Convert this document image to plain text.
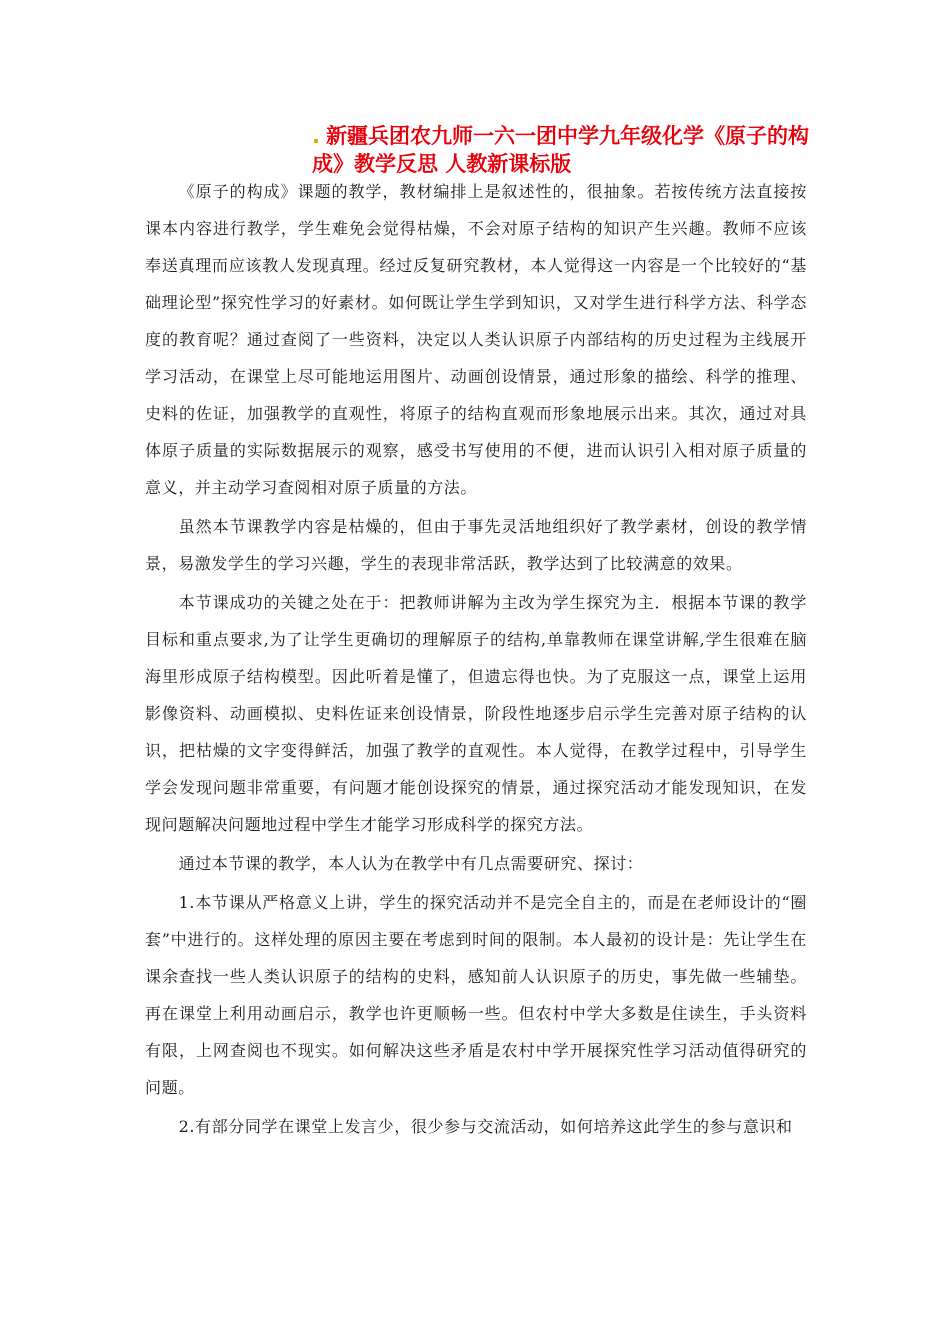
. 新疆兵团农九师一六一团中学九年级化学《原子的构成》教学反思 人教新课标版

《原子的构成》课题的教学，教材编排上是叙述性的，很抽象。若按传统方法直接按课本内容进行教学，学生难免会觉得枯燥，不会对原子结构的知识产生兴趣。教师不应该奉送真理而应该教人发现真理。经过反复研究教材，本人觉得这一内容是一个比较好的“基础理论型”探究性学习的好素材。如何既让学生学到知识，又对学生进行科学方法、科学态度的教育呢？通过查阅了一些资料，决定以人类认识原子内部结构的历史过程为主线展开学习活动，在课堂上尽可能地运用图片、动画创设情景，通过形象的描绘、科学的推理、史料的佐证，加强教学的直观性，将原子的结构直观而形象地展示出来。其次，通过对具体原子质量的实际数据展示的观察，感受书写使用的不便，进而认识引入相对原子质量的意义，并主动学习查阅相对原子质量的方法。

虽然本节课教学内容是枯燥的，但由于事先灵活地组织好了教学素材，创设的教学情景，易激发学生的学习兴趣，学生的表现非常活跃，教学达到了比较满意的效果。

本节课成功的关键之处在于：把教师讲解为主改为学生探究为主．根据本节课的教学目标和重点要求,为了让学生更确切的理解原子的结构,单靠教师在课堂讲解,学生很难在脑海里形成原子结构模型。因此听着是懂了，但遗忘得也快。为了克服这一点，课堂上运用影像资料、动画模拟、史料佐证来创设情景，阶段性地逐步启示学生完善对原子结构的认识，把枯燥的文字变得鲜活，加强了教学的直观性。本人觉得，在教学过程中，引导学生学会发现问题非常重要，有问题才能创设探究的情景，通过探究活动才能发现知识，在发现问题解决问题地过程中学生才能学习形成科学的探究方法。

通过本节课的教学，本人认为在教学中有几点需要研究、探讨：

1.本节课从严格意义上讲，学生的探究活动并不是完全自主的，而是在老师设计的“圈套”中进行的。这样处理的原因主要在考虑到时间的限制。本人最初的设计是：先让学生在课余查找一些人类认识原子的结构的史料，感知前人认识原子的历史，事先做一些辅垫。再在课堂上利用动画启示，教学也许更顺畅一些。但农村中学大多数是住读生，手头资料有限，上网查阅也不现实。如何解决这些矛盾是农村中学开展探究性学习活动值得研究的问题。

2.有部分同学在课堂上发言少，很少参与交流活动，如何培养这此学生的参与意识和
